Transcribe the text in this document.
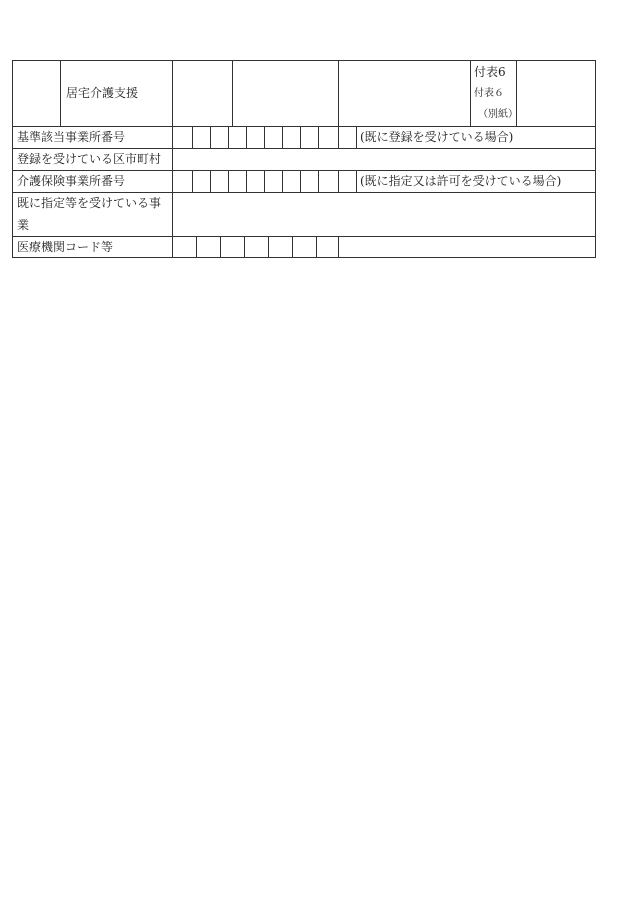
居宅介護支援
付表6
付表６
（別紙）
基準該当事業所番号	(既に登録を受けている場合)
登録を受けている区市町村
介護保険事業所番号	(既に指定又は許可を受けている場合)
既に指定等を受けている事
業
医療機関コード等
